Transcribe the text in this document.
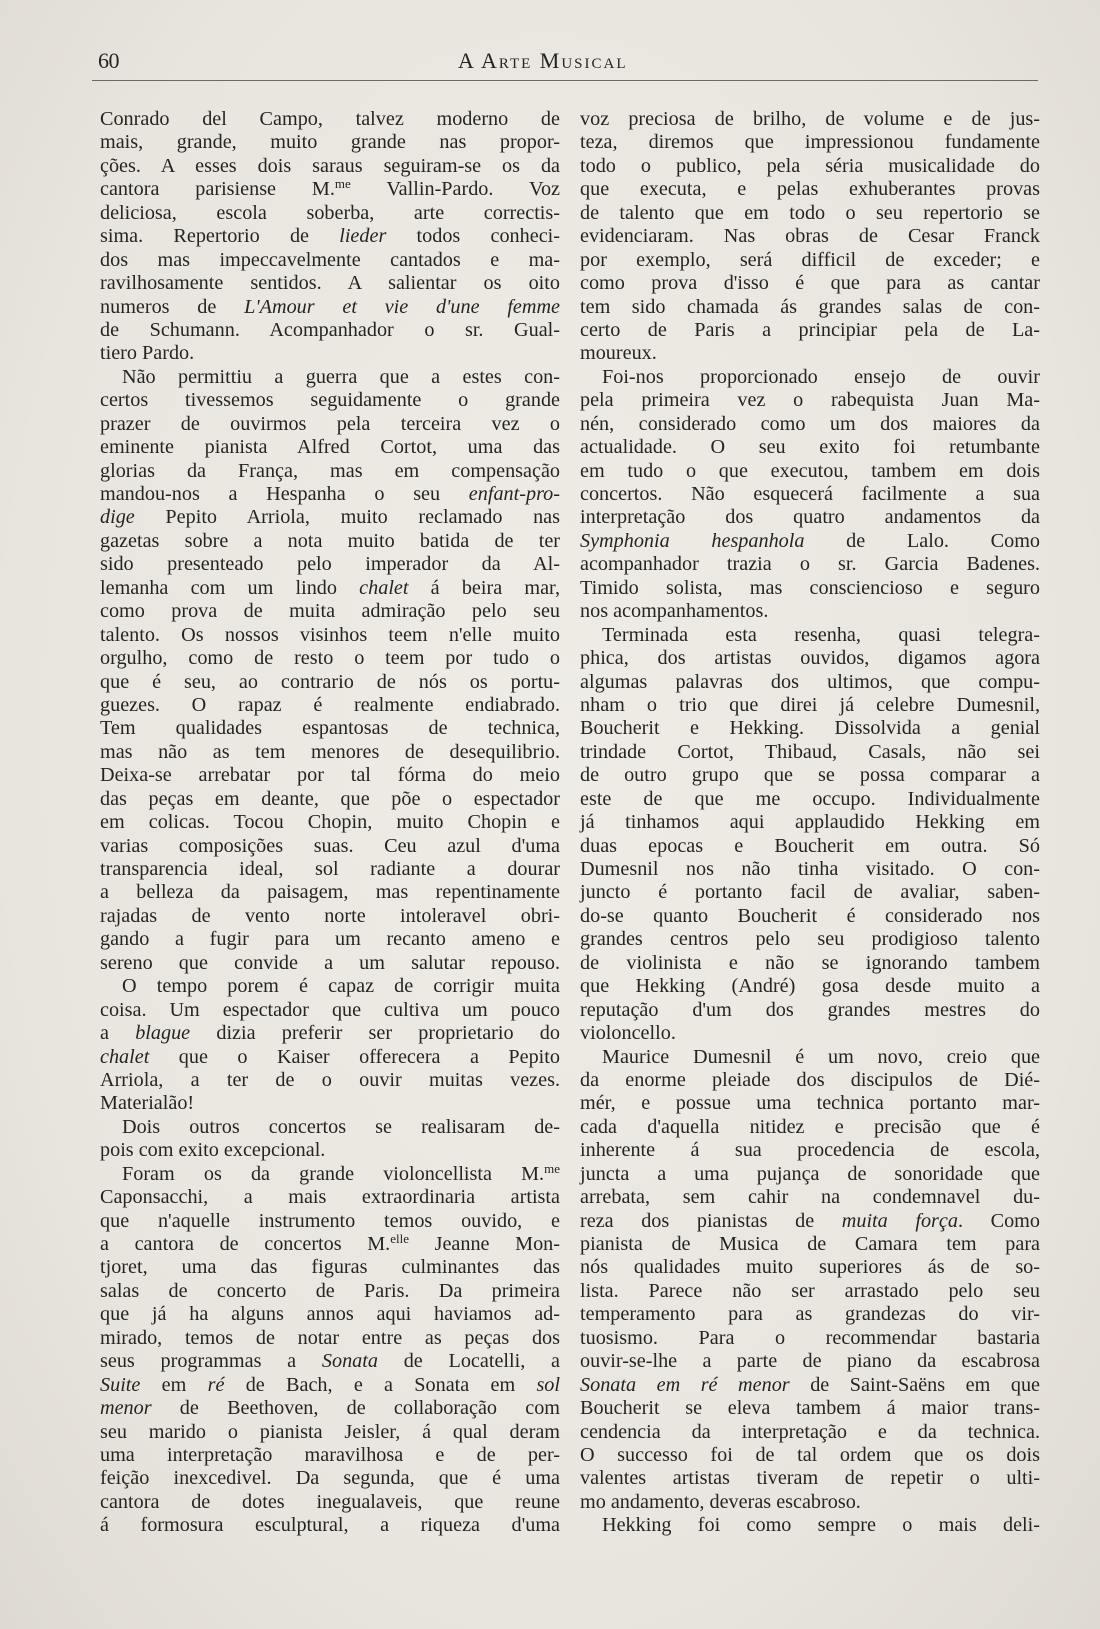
60	A Arte Musical
Conrado del Campo, talvez moderno de
mais, grande, muito grande nas propor-
ções. A esses dois saraus seguiram-se os da
cantora parisiense M.$^{me}$ Vallin-Pardo. Voz
deliciosa, escola soberba, arte correctis-
sima. Repertorio de lieder todos conheci-
dos mas impeccavelmente cantados e ma-
ravilhosamente sentidos. A salientar os oito
numeros de L'Amour et vie d'une femme
de Schumann. Acompanhador o sr. Gual-
tiero Pardo.
Não permittiu a guerra que a estes con-
certos tivessemos seguidamente o grande
prazer de ouvirmos pela terceira vez o
eminente pianista Alfred Cortot, uma das
glorias da França, mas em compensação
mandou-nos a Hespanha o seu enfant-pro-
dige Pepito Arriola, muito reclamado nas
gazetas sobre a nota muito batida de ter
sido presenteado pelo imperador da Al-
lemanha com um lindo chalet á beira mar,
como prova de muita admiração pelo seu
talento. Os nossos visinhos teem n'elle muito
orgulho, como de resto o teem por tudo o
que é seu, ao contrario de nós os portu-
guezes. O rapaz é realmente endiabrado.
Tem qualidades espantosas de technica,
mas não as tem menores de desequilibrio.
Deixa-se arrebatar por tal fórma do meio
das peças em deante, que põe o espectador
em colicas. Tocou Chopin, muito Chopin e
varias composições suas. Ceu azul d'uma
transparencia ideal, sol radiante a dourar
a belleza da paisagem, mas repentinamente
rajadas de vento norte intoleravel obri-
gando a fugir para um recanto ameno e
sereno que convide a um salutar repouso.
O tempo porem é capaz de corrigir muita
coisa. Um espectador que cultiva um pouco
a blague dizia preferir ser proprietario do
chalet que o Kaiser offerecera a Pepito
Arriola, a ter de o ouvir muitas vezes.
Materialão!
Dois outros concertos se realisaram de-
pois com exito excepcional.
Foram os da grande violoncellista M.$^{me}$
Caponsacchi, a mais extraordinaria artista
que n'aquelle instrumento temos ouvido, e
a cantora de concertos M.$^{elle}$ Jeanne Mon-
tjoret, uma das figuras culminantes das
salas de concerto de Paris. Da primeira
que já ha alguns annos aqui haviamos ad-
mirado, temos de notar entre as peças dos
seus programmas a Sonata de Locatelli, a
Suite em ré de Bach, e a Sonata em sol
menor de Beethoven, de collaboração com
seu marido o pianista Jeisler, á qual deram
uma interpretação maravilhosa e de per-
feição inexcedivel. Da segunda, que é uma
cantora de dotes inegualaveis, que reune
á formosura esculptural, a riqueza d'uma
voz preciosa de brilho, de volume e de jus-
teza, diremos que impressionou fundamente
todo o publico, pela séria musicalidade do
que executa, e pelas exhuberantes provas
de talento que em todo o seu repertorio se
evidenciaram. Nas obras de Cesar Franck
por exemplo, será difficil de exceder; e
como prova d'isso é que para as cantar
tem sido chamada ás grandes salas de con-
certo de Paris a principiar pela de La-
moureux.
Foi-nos proporcionado ensejo de ouvir
pela primeira vez o rabequista Juan Ma-
nén, considerado como um dos maiores da
actualidade. O seu exito foi retumbante
em tudo o que executou, tambem em dois
concertos. Não esquecerá facilmente a sua
interpretação dos quatro andamentos da
Symphonia hespanhola de Lalo. Como
acompanhador trazia o sr. Garcia Badenes.
Timido solista, mas consciencioso e seguro
nos acompanhamentos.
Terminada esta resenha, quasi telegra-
phica, dos artistas ouvidos, digamos agora
algumas palavras dos ultimos, que compu-
nham o trio que direi já celebre Dumesnil,
Boucherit e Hekking. Dissolvida a genial
trindade Cortot, Thibaud, Casals, não sei
de outro grupo que se possa comparar a
este de que me occupo. Individualmente
já tinhamos aqui applaudido Hekking em
duas epocas e Boucherit em outra. Só
Dumesnil nos não tinha visitado. O con-
juncto é portanto facil de avaliar, saben-
do-se quanto Boucherit é considerado nos
grandes centros pelo seu prodigioso talento
de violinista e não se ignorando tambem
que Hekking (André) gosa desde muito a
reputação d'um dos grandes mestres do
violoncello.
Maurice Dumesnil é um novo, creio que
da enorme pleiade dos discipulos de Dié-
mér, e possue uma technica portanto mar-
cada d'aquella nitidez e precisão que é
inherente á sua procedencia de escola,
juncta a uma pujança de sonoridade que
arrebata, sem cahir na condemnavel du-
reza dos pianistas de muita força. Como
pianista de Musica de Camara tem para
nós qualidades muito superiores ás de so-
lista. Parece não ser arrastado pelo seu
temperamento para as grandezas do vir-
tuosismo. Para o recommendar bastaria
ouvir-se-lhe a parte de piano da escabrosa
Sonata em ré menor de Saint-Saëns em que
Boucherit se eleva tambem á maior trans-
cendencia da interpretação e da technica.
O successo foi de tal ordem que os dois
valentes artistas tiveram de repetir o ulti-
mo andamento, deveras escabroso.
Hekking foi como sempre o mais deli-
